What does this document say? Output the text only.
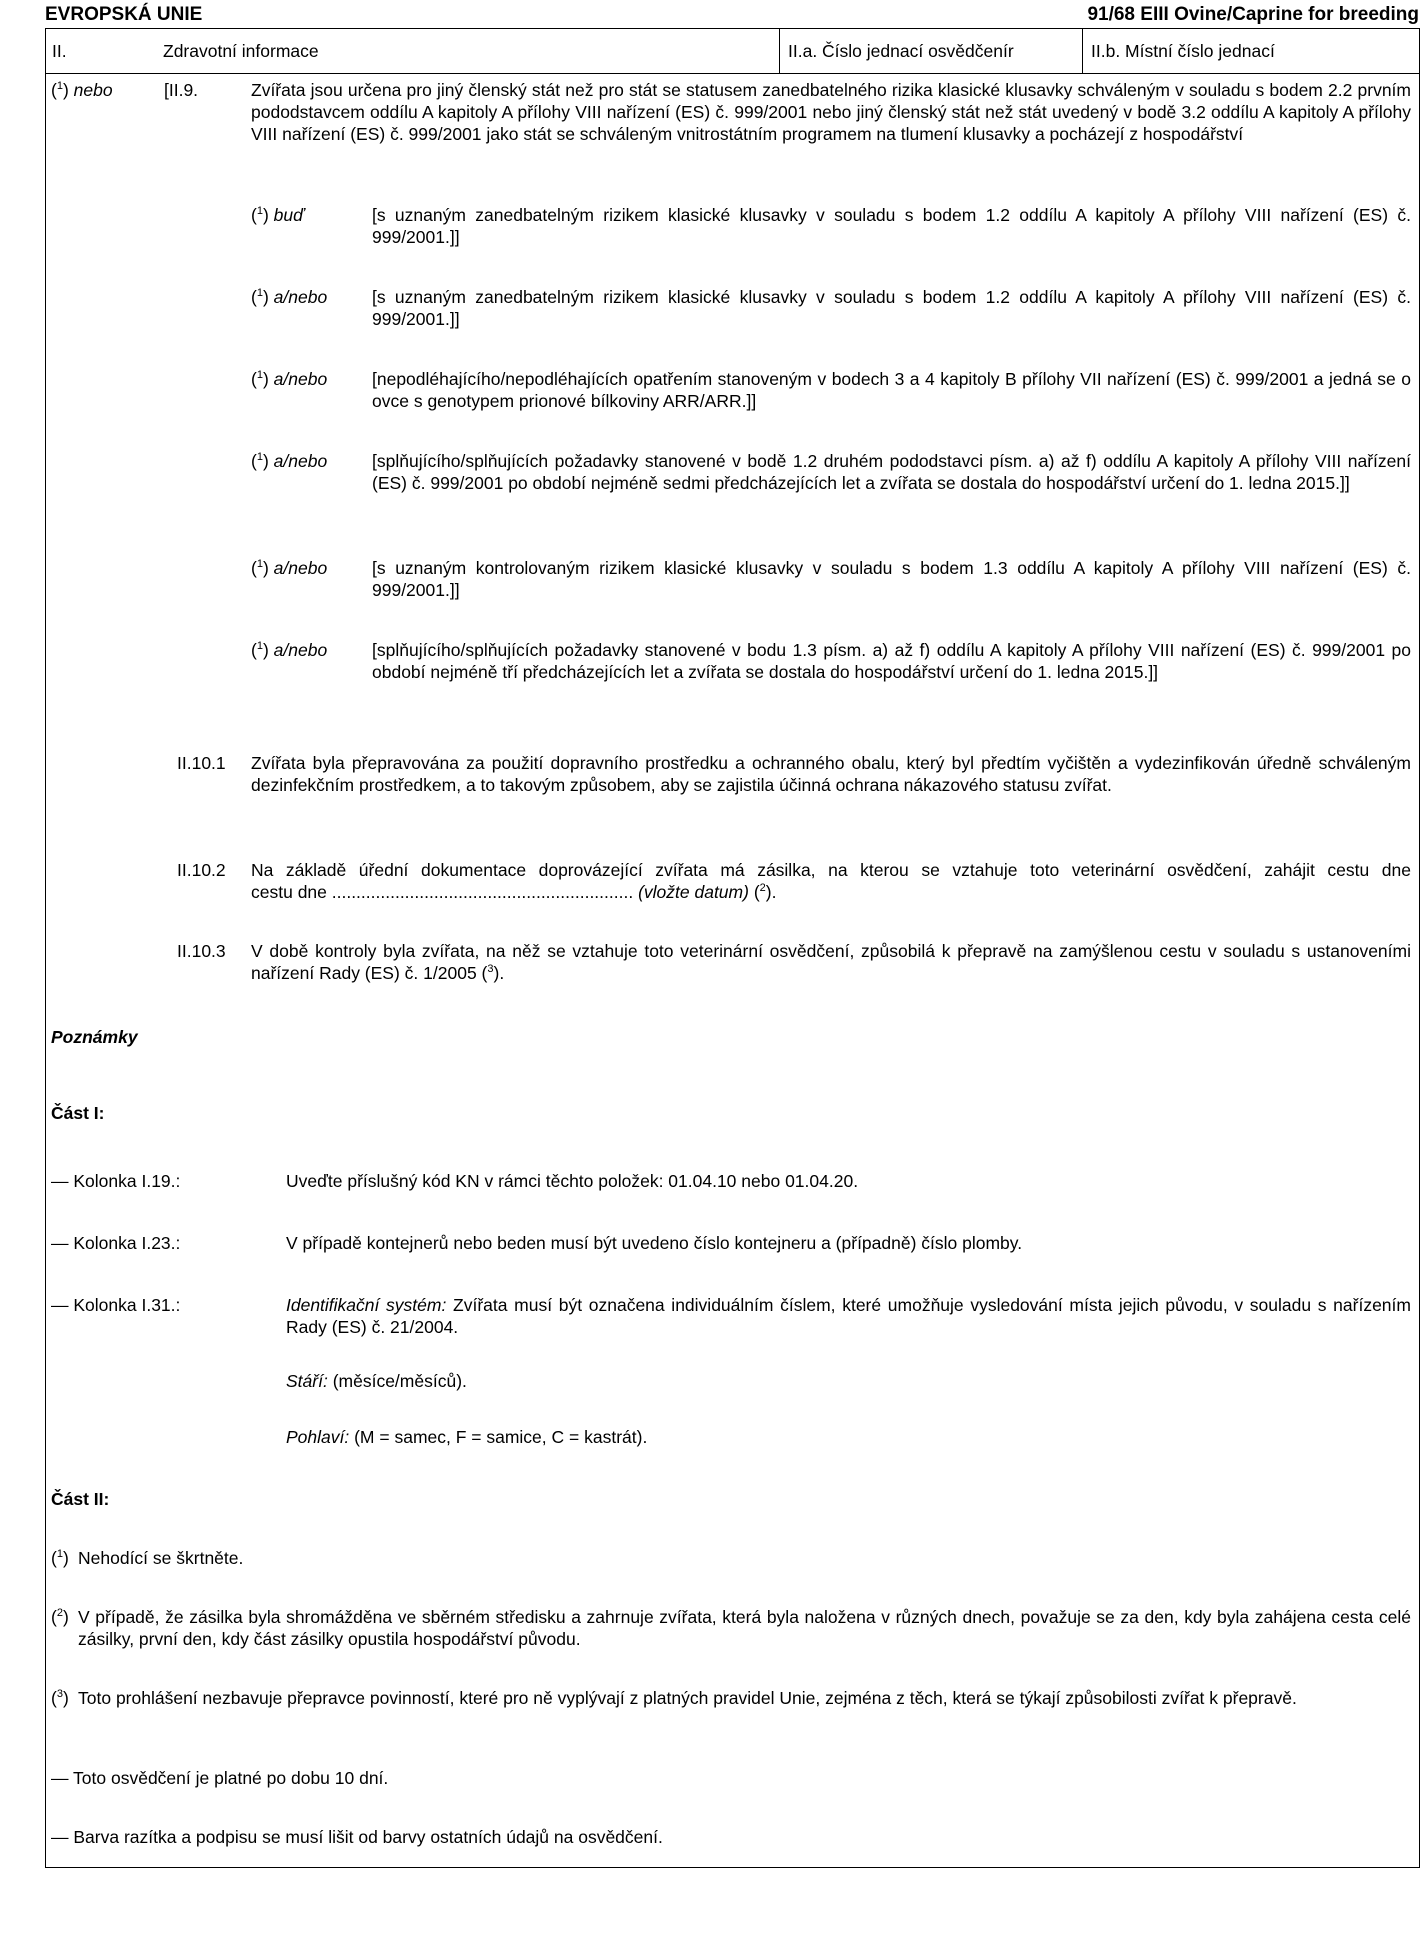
EVROPSKÁ UNIE	91/68 EIII Ovine/Caprine for breeding
II.	Zdravotní informace	II.a. Číslo jednací osvědčenír	II.b. Místní číslo jednací
($^1$) nebo	[II.9.	Zvířata jsou určena pro jiný členský stát než pro stát se statusem zanedbatelného rizika klasické klusavky schváleným v souladu s bodem 2.2 prvním pododstavcem oddílu A kapitoly A přílohy VIII nařízení (ES) č. 999/2001 nebo jiný členský stát než stát uvedený v bodě 3.2 oddílu A kapitoly A přílohy VIII nařízení (ES) č. 999/2001 jako stát se schváleným vnitrostátním programem na tlumení klusavky a pocházejí z hospodářství
($^1$) buď	[s uznaným zanedbatelným rizikem klasické klusavky v souladu s bodem 1.2 oddílu A kapitoly A přílohy VIII nařízení (ES) č. 999/2001.]]
($^1$) a/nebo	[s uznaným zanedbatelným rizikem klasické klusavky v souladu s bodem 1.2 oddílu A kapitoly A přílohy VIII nařízení (ES) č. 999/2001.]]
($^1$) a/nebo	[nepodléhajícího/nepodléhajících opatřením stanoveným v bodech 3 a 4 kapitoly B přílohy VII nařízení (ES) č. 999/2001 a jedná se o ovce s genotypem prionové bílkoviny ARR/ARR.]]
($^1$) a/nebo	[splňujícího/splňujících požadavky stanovené v bodě 1.2 druhém pododstavci písm. a) až f) oddílu A kapitoly A přílohy VIII nařízení (ES) č. 999/2001 po období nejméně sedmi předcházejících let a zvířata se dostala do hospodářství určení do 1. ledna 2015.]]
($^1$) a/nebo	[s uznaným kontrolovaným rizikem klasické klusavky v souladu s bodem 1.3 oddílu A kapitoly A přílohy VIII nařízení (ES) č. 999/2001.]]
($^1$) a/nebo	[splňujícího/splňujících požadavky stanovené v bodu 1.3 písm. a) až f) oddílu A kapitoly A přílohy VIII nařízení (ES) č. 999/2001 po období nejméně tří předcházejících let a zvířata se dostala do hospodářství určení do 1. ledna 2015.]]
II.10.1 Zvířata byla přepravována za použití dopravního prostředku a ochranného obalu, který byl předtím vyčištěn a vydezinfikován úředně schváleným dezinfekčním prostředkem, a to takovým způsobem, aby se zajistila účinná ochrana nákazového statusu zvířat.
II.10.2 Na základě úřední dokumentace doprovázející zvířata má zásilka, na kterou se vztahuje toto veterinární osvědčení, zahájit cestu dne
cestu dne .............................................................. (vložte datum) ($^2$).
II.10.3 V době kontroly byla zvířata, na něž se vztahuje toto veterinární osvědčení, způsobilá k přepravě na zamýšlenou cestu v souladu s ustanoveními nařízení Rady (ES) č. 1/2005 ($^3$).
Poznámky
Část I:
— Kolonka I.19.:	Uveďte příslušný kód KN v rámci těchto položek: 01.04.10 nebo 01.04.20.
— Kolonka I.23.:	V případě kontejnerů nebo beden musí být uvedeno číslo kontejneru a (případně) číslo plomby.
— Kolonka I.31.:	Identifikační systém: Zvířata musí být označena individuálním číslem, které umožňuje vysledování místa jejich původu, v souladu s nařízením Rady (ES) č. 21/2004.
Stáří: (měsíce/měsíců).
Pohlaví: (M = samec, F = samice, C = kastrát).
Část II:
($^1$) Nehodící se škrtněte.
($^2$) V případě, že zásilka byla shromážděna ve sběrném středisku a zahrnuje zvířata, která byla naložena v různých dnech, považuje se za den, kdy byla zahájena cesta celé zásilky, první den, kdy část zásilky opustila hospodářství původu.
($^3$) Toto prohlášení nezbavuje přepravce povinností, které pro ně vyplývají z platných pravidel Unie, zejména z těch, která se týkají způsobilosti zvířat k přepravě.
— Toto osvědčení je platné po dobu 10 dní.
— Barva razítka a podpisu se musí lišit od barvy ostatních údajů na osvědčení.
